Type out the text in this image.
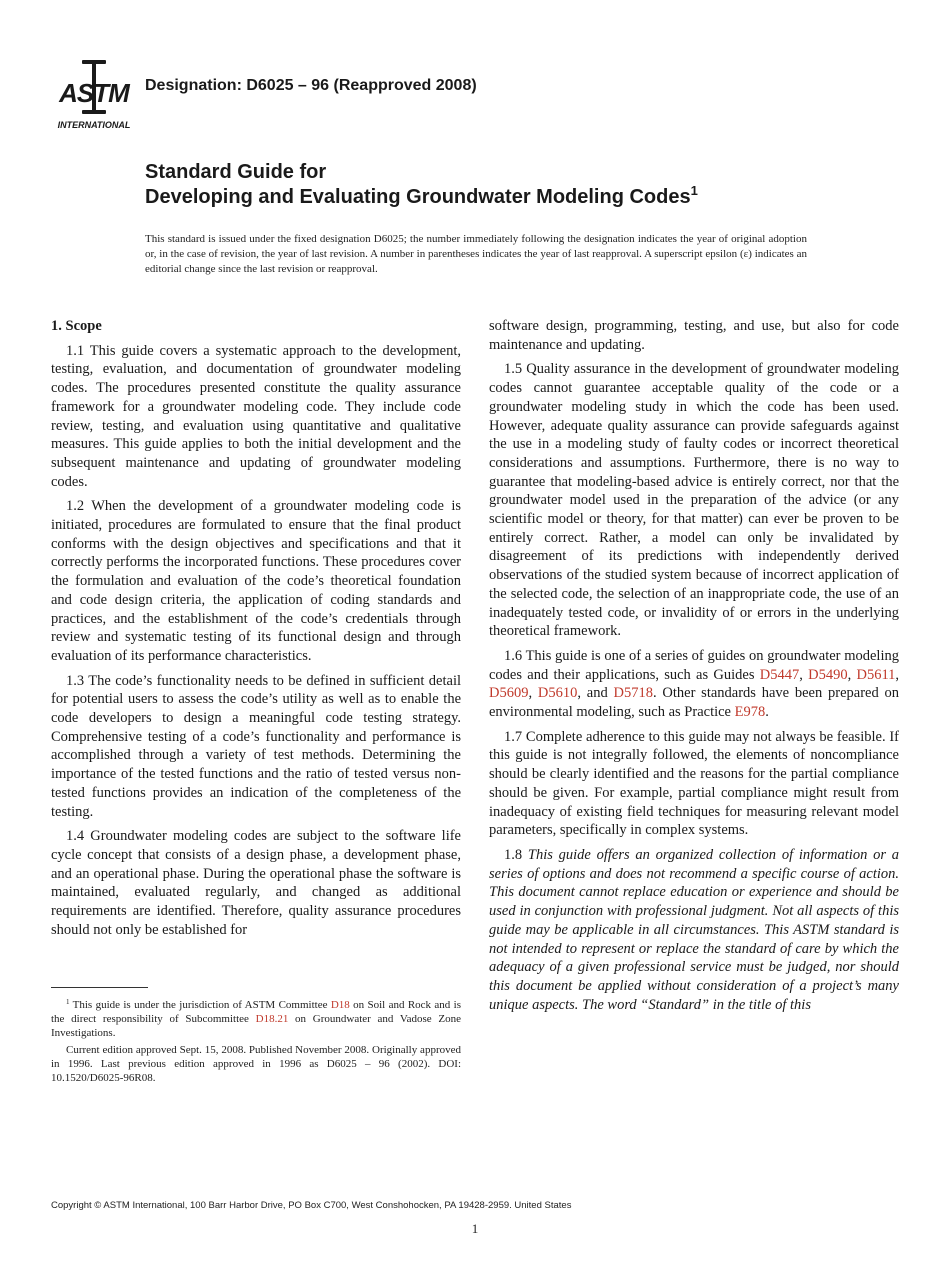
ASTM
INTERNATIONAL
Designation: D6025 – 96 (Reapproved 2008)
Standard Guide for
Developing and Evaluating Groundwater Modeling Codes$^1$
This standard is issued under the fixed designation D6025; the number immediately following the designation indicates the year of original adoption or, in the case of revision, the year of last revision. A number in parentheses indicates the year of last reapproval. A superscript epsilon (ε) indicates an editorial change since the last revision or reapproval.

1. Scope

1.1 This guide covers a systematic approach to the development, testing, evaluation, and documentation of groundwater modeling codes. The procedures presented constitute the quality assurance framework for a groundwater modeling code. They include code review, testing, and evaluation using quantitative and qualitative measures. This guide applies to both the initial development and the subsequent maintenance and updating of groundwater modeling codes.

1.2 When the development of a groundwater modeling code is initiated, procedures are formulated to ensure that the final product conforms with the design objectives and specifications and that it correctly performs the incorporated functions. These procedures cover the formulation and evaluation of the code’s theoretical foundation and code design criteria, the application of coding standards and practices, and the establishment of the code’s credentials through review and systematic testing of its functional design and through evaluation of its performance characteristics.

1.3 The code’s functionality needs to be defined in sufficient detail for potential users to assess the code’s utility as well as to enable the code developers to design a meaningful code testing strategy. Comprehensive testing of a code’s functionality and performance is accomplished through a variety of test methods. Determining the importance of the tested functions and the ratio of tested versus non-tested functions provides an indication of the completeness of the testing.

1.4 Groundwater modeling codes are subject to the software life cycle concept that consists of a design phase, a development phase, and an operational phase. During the operational phase the software is maintained, evaluated regularly, and changed as additional requirements are identified. Therefore, quality assurance procedures should not only be established for

software design, programming, testing, and use, but also for code maintenance and updating.

1.5 Quality assurance in the development of groundwater modeling codes cannot guarantee acceptable quality of the code or a groundwater modeling study in which the code has been used. However, adequate quality assurance can provide safeguards against the use in a modeling study of faulty codes or incorrect theoretical considerations and assumptions. Furthermore, there is no way to guarantee that modeling-based advice is entirely correct, nor that the groundwater model used in the preparation of the advice (or any scientific model or theory, for that matter) can ever be proven to be entirely correct. Rather, a model can only be invalidated by disagreement of its predictions with independently derived observations of the studied system because of incorrect application of the selected code, the selection of an inappropriate code, the use of an inadequately tested code, or invalidity of or errors in the underlying theoretical framework.

1.6 This guide is one of a series of guides on groundwater modeling codes and their applications, such as Guides D5447, D5490, D5611, D5609, D5610, and D5718. Other standards have been prepared on environmental modeling, such as Practice E978.

1.7 Complete adherence to this guide may not always be feasible. If this guide is not integrally followed, the elements of noncompliance should be clearly identified and the reasons for the partial compliance should be given. For example, partial compliance might result from inadequacy of existing field techniques for measuring relevant model parameters, specifically in complex systems.

1.8 This guide offers an organized collection of information or a series of options and does not recommend a specific course of action. This document cannot replace education or experience and should be used in conjunction with professional judgment. Not all aspects of this guide may be applicable in all circumstances. This ASTM standard is not intended to represent or replace the standard of care by which the adequacy of a given professional service must be judged, nor should this document be applied without consideration of a project’s many unique aspects. The word “Standard” in the title of this

$^1$ This guide is under the jurisdiction of ASTM Committee D18 on Soil and Rock and is the direct responsibility of Subcommittee D18.21 on Groundwater and Vadose Zone Investigations.

Current edition approved Sept. 15, 2008. Published November 2008. Originally approved in 1996. Last previous edition approved in 1996 as D6025 – 96 (2002). DOI: 10.1520/D6025-96R08.

Copyright © ASTM International, 100 Barr Harbor Drive, PO Box C700, West Conshohocken, PA 19428-2959. United States
1
